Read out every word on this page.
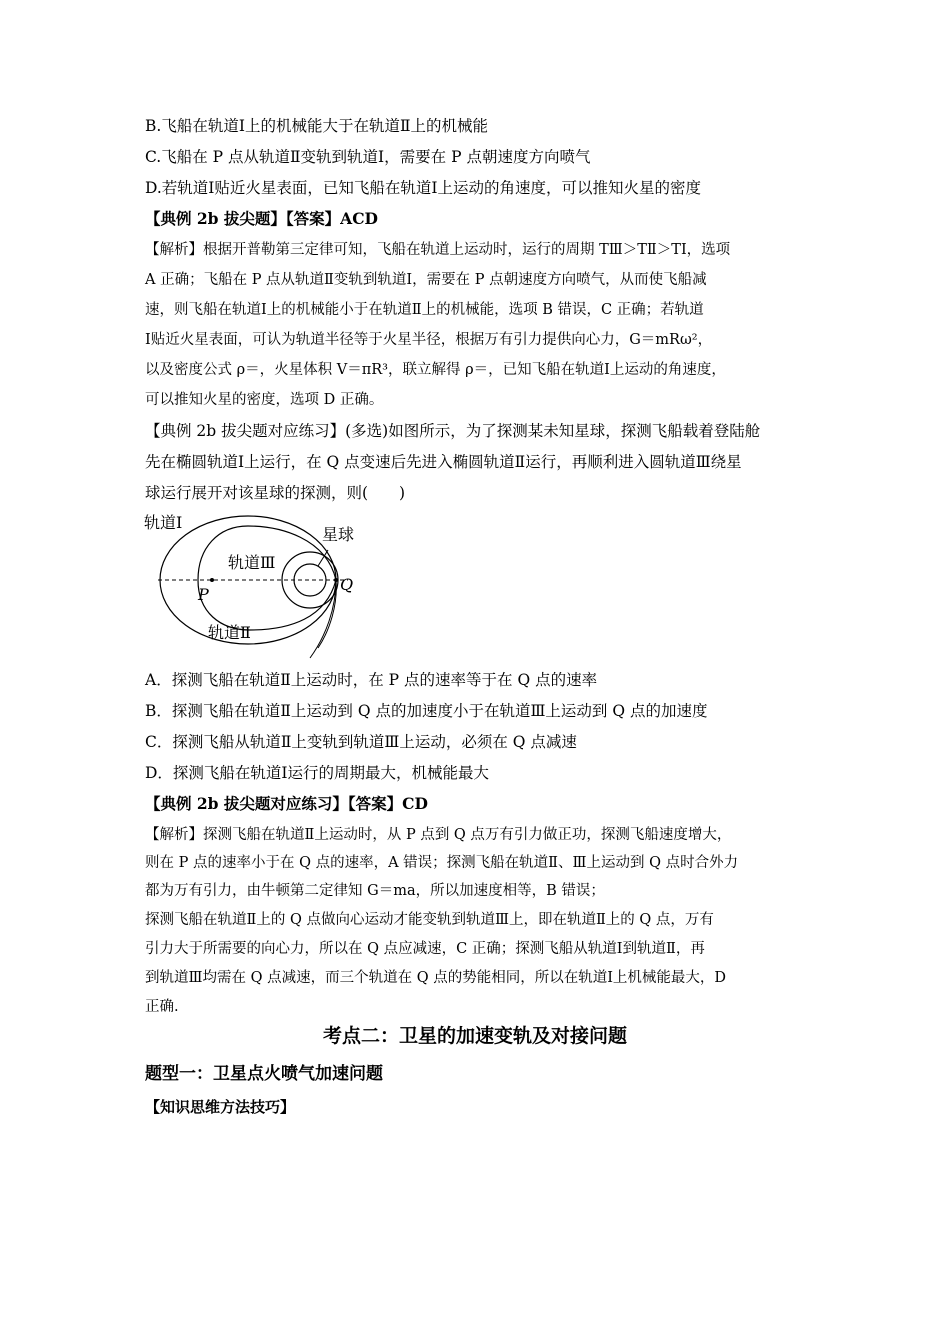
B.飞船在轨道Ⅰ上的机械能大于在轨道Ⅱ上的机械能
C.飞船在 P 点从轨道Ⅱ变轨到轨道Ⅰ，需要在 P 点朝速度方向喷气
D.若轨道Ⅰ贴近火星表面，已知飞船在轨道Ⅰ上运动的角速度，可以推知火星的密度
【典例 2b 拔尖题】【答案】ACD
【解析】根据开普勒第三定律可知，飞船在轨道上运动时，运行的周期 TⅢ＞TⅡ＞TⅠ，选项
A 正确；飞船在 P 点从轨道Ⅱ变轨到轨道Ⅰ，需要在 P 点朝速度方向喷气，从而使飞船减
速，则飞船在轨道Ⅰ上的机械能小于在轨道Ⅱ上的机械能，选项 B 错误，C 正确；若轨道
Ⅰ贴近火星表面，可认为轨道半径等于火星半径，根据万有引力提供向心力，G＝mRω²，
以及密度公式 ρ＝，火星体积 V＝πR³，联立解得 ρ＝，已知飞船在轨道Ⅰ上运动的角速度，
可以推知火星的密度，选项 D 正确。
【典例 2b 拔尖题对应练习】(多选)如图所示，为了探测某未知星球，探测飞船载着登陆舱
先在椭圆轨道Ⅰ上运行，在 Q 点变速后先进入椭圆轨道Ⅱ运行，再顺利进入圆轨道Ⅲ绕星
球运行展开对该星球的探测，则(　　)
轨道Ⅰ
轨道Ⅲ
轨道Ⅱ
星球
P
Q
A．探测飞船在轨道Ⅱ上运动时，在 P 点的速率等于在 Q 点的速率
B．探测飞船在轨道Ⅱ上运动到 Q 点的加速度小于在轨道Ⅲ上运动到 Q 点的加速度
C．探测飞船从轨道Ⅱ上变轨到轨道Ⅲ上运动，必须在 Q 点减速
D．探测飞船在轨道Ⅰ运行的周期最大，机械能最大
【典例 2b 拔尖题对应练习】【答案】CD
【解析】探测飞船在轨道Ⅱ上运动时，从 P 点到 Q 点万有引力做正功，探测飞船速度增大，
则在 P 点的速率小于在 Q 点的速率，A 错误；探测飞船在轨道Ⅱ、Ⅲ上运动到 Q 点时合外力
都为万有引力，由牛顿第二定律知 G＝ma，所以加速度相等，B 错误；
探测飞船在轨道Ⅱ上的 Q 点做向心运动才能变轨到轨道Ⅲ上，即在轨道Ⅱ上的 Q 点，万有
引力大于所需要的向心力，所以在 Q 点应减速，C 正确；探测飞船从轨道Ⅰ到轨道Ⅱ，再
到轨道Ⅲ均需在 Q 点减速，而三个轨道在 Q 点的势能相同，所以在轨道Ⅰ上机械能最大，D
正确.
考点二：卫星的加速变轨及对接问题
题型一：卫星点火喷气加速问题
【知识思维方法技巧】
